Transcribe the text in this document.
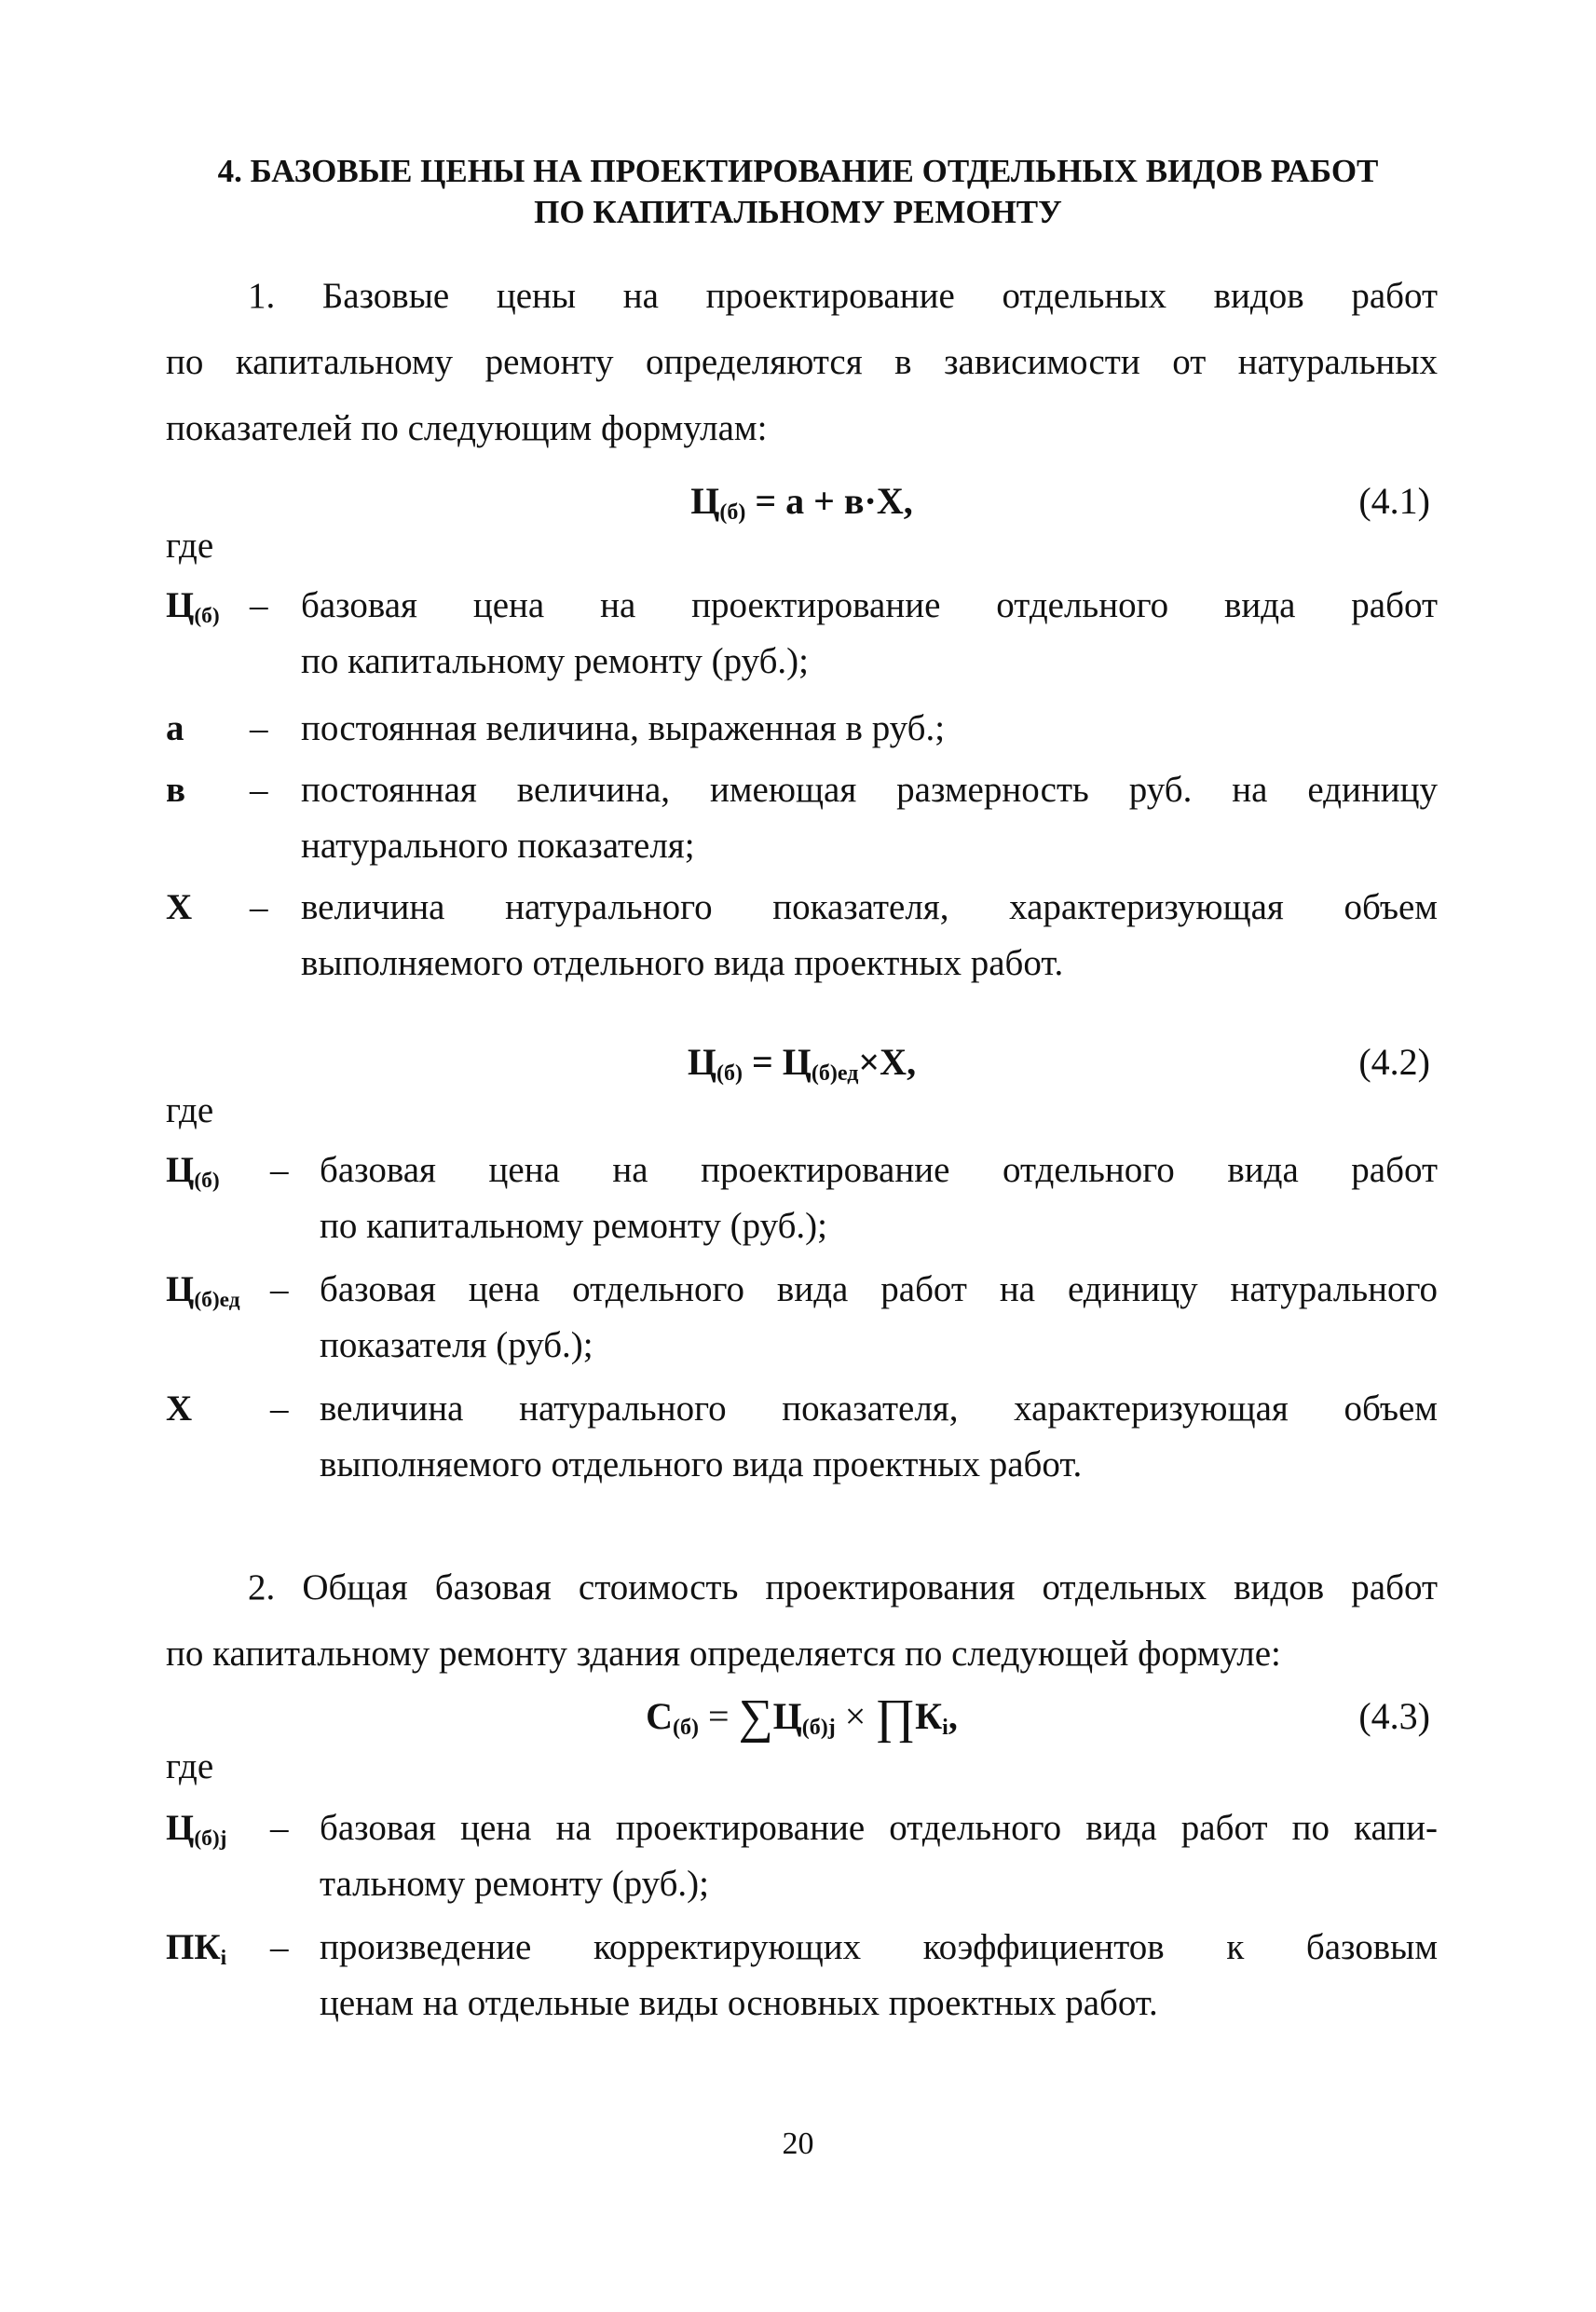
4. БАЗОВЫЕ ЦЕНЫ НА ПРОЕКТИРОВАНИЕ ОТДЕЛЬНЫХ ВИДОВ РАБОТ
ПО КАПИТАЛЬНОМУ РЕМОНТУ
1. Базовые цены на проектирование отдельных видов работ
по капитальному ремонту определяются в зависимости от натуральных показателей по следующим формулам:
$Ц_{(б)} = а + в\cdot Х$,	(4.1)
где
$Ц_{(б)}$ – базовая цена на проектирование отдельного вида работ
по капитальному ремонту (руб.);
а – постоянная величина, выраженная в руб.;
в – постоянная величина, имеющая размерность руб. на единицу
натурального показателя;
Х – величина натурального показателя, характеризующая объем
выполняемого отдельного вида проектных работ.
$Ц_{(б)} = Ц_{(б)ед}\times Х$,	(4.2)
где
$Ц_{(б)}$ – базовая цена на проектирование отдельного вида работ
по капитальному ремонту (руб.);
$Ц_{(б)ед}$ – базовая цена отдельного вида работ на единицу натурального
показателя (руб.);
Х – величина натурального показателя, характеризующая объем
выполняемого отдельного вида проектных работ.
2. Общая базовая стоимость проектирования отдельных видов работ
по капитальному ремонту здания определяется по следующей формуле:
$С_{(б)} = \sum Ц_{(б)j}$ × $\prod К_i$,	(4.3)
где
$Ц_{(б)j}$ – базовая цена на проектирование отдельного вида работ по капи-
тальному ремонту (руб.);
$ПК_i$ – произведение корректирующих коэффициентов к базовым
ценам на отдельные виды основных проектных работ.
20
